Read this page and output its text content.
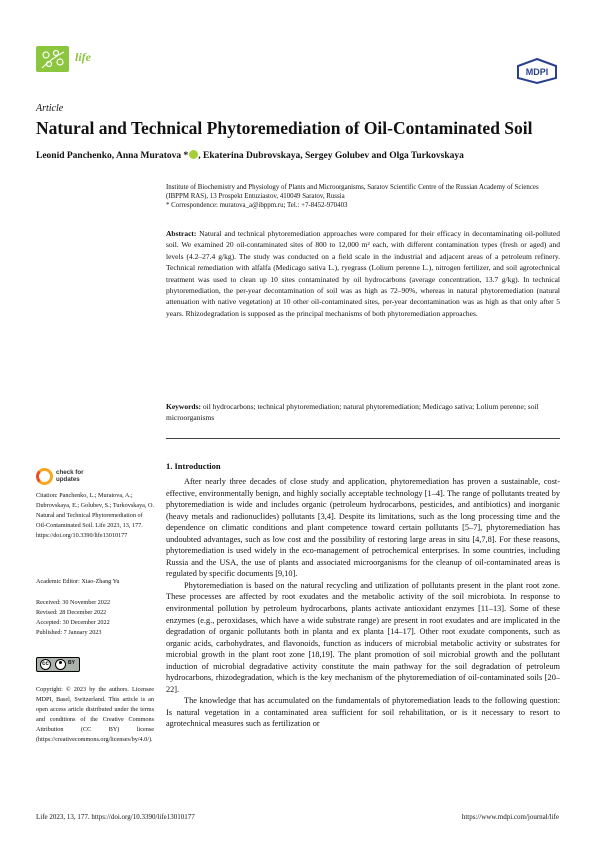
life
MDPI
Article
Natural and Technical Phytoremediation of Oil-Contaminated Soil
Leonid Panchenko, Anna Muratova * , Ekaterina Dubrovskaya, Sergey Golubev and Olga Turkovskaya
Institute of Biochemistry and Physiology of Plants and Microorganisms, Saratov Scientific Centre of the Russian Academy of Sciences (IBPPM RAS), 13 Prospekt Entuziastov, 410049 Saratov, Russia
* Correspondence: muratova_a@ibppm.ru; Tel.: +7-8452-970403
Abstract: Natural and technical phytoremediation approaches were compared for their efficacy in decontaminating oil-polluted soil. We examined 20 oil-contaminated sites of 800 to 12,000 m² each, with different contamination types (fresh or aged) and levels (4.2–27.4 g/kg). The study was conducted on a field scale in the industrial and adjacent areas of a petroleum refinery. Technical remediation with alfalfa (Medicago sativa L.), ryegrass (Lolium perenne L.), nitrogen fertilizer, and soil agrotechnical treatment was used to clean up 10 sites contaminated by oil hydrocarbons (average concentration, 13.7 g/kg). In technical phytoremediation, the per-year decontamination of soil was as high as 72–90%, whereas in natural phytoremediation (natural attenuation with native vegetation) at 10 other oil-contaminated sites, per-year decontamination was as high as that only after 5 years. Rhizodegradation is supposed as the principal mechanisms of both phytoremediation approaches.
Keywords: oil hydrocarbons; technical phytoremediation; natural phytoremediation; Medicago sativa; Lolium perenne; soil microorganisms
1. Introduction

After nearly three decades of close study and application, phytoremediation has proven a sustainable, cost-effective, environmentally benign, and highly socially acceptable technology [1–4]. The range of pollutants treated by phytoremediation is wide and includes organic (petroleum hydrocarbons, pesticides, and antibiotics) and inorganic (heavy metals and radionuclides) pollutants [3,4]. Despite its limitations, such as the long processing time and the dependence on climatic conditions and plant competence toward certain pollutants [5–7], phytoremediation has undoubted advantages, such as low cost and the possibility of restoring large areas in situ [4,7,8]. For these reasons, phytoremediation is used widely in the eco-management of petrochemical enterprises. In some countries, including Russia and the USA, the use of plants and associated microorganisms for the cleanup of oil-contaminated areas is regulated by specific documents [9,10].

Phytoremediation is based on the natural recycling and utilization of pollutants present in the plant root zone. These processes are affected by root exudates and the metabolic activity of the soil microbiota. In response to environmental pollution by petroleum hydrocarbons, plants activate antioxidant enzymes [11–13]. Some of these enzymes (e.g., peroxidases, which have a wide substrate range) are present in root exudates and are implicated in the degradation of organic pollutants both in planta and ex planta [14–17]. Other root exudate components, such as organic acids, carbohydrates, and flavonoids, function as inducers of microbial metabolic activity or substrates for microbial growth in the plant root zone [18,19]. The plant promotion of soil microbial growth and the pollutant induction of microbial degradative activity constitute the main pathway for the soil degradation of petroleum hydrocarbons, rhizodegradation, which is the key mechanism of the phytoremediation of oil-contaminated soils [20–22].

The knowledge that has accumulated on the fundamentals of phytoremediation leads to the following question: Is natural vegetation in a contaminated area sufficient for soil rehabilitation, or is it necessary to resort to agrotechnical measures such as fertilization or

check for
updates
Citation: Panchenko, L.; Muratova, A.; Dubrovskaya, E.; Golubev, S.; Turkovskaya, O. Natural and Technical Phytoremediation of Oil-Contaminated Soil. Life 2023, 13, 177. https://doi.org/10.3390/life13010177
Academic Editor: Xiao-Zhang Yu
Received: 30 November 2022
Revised: 28 December 2022
Accepted: 30 December 2022
Published: 7 January 2023
cc	BY
Copyright: © 2023 by the authors. Licensee MDPI, Basel, Switzerland. This article is an open access article distributed under the terms and conditions of the Creative Commons Attribution (CC BY) license (https://creativecommons.org/licenses/by/4.0/).
Life 2023, 13, 177. https://doi.org/10.3390/life13010177	https://www.mdpi.com/journal/life
